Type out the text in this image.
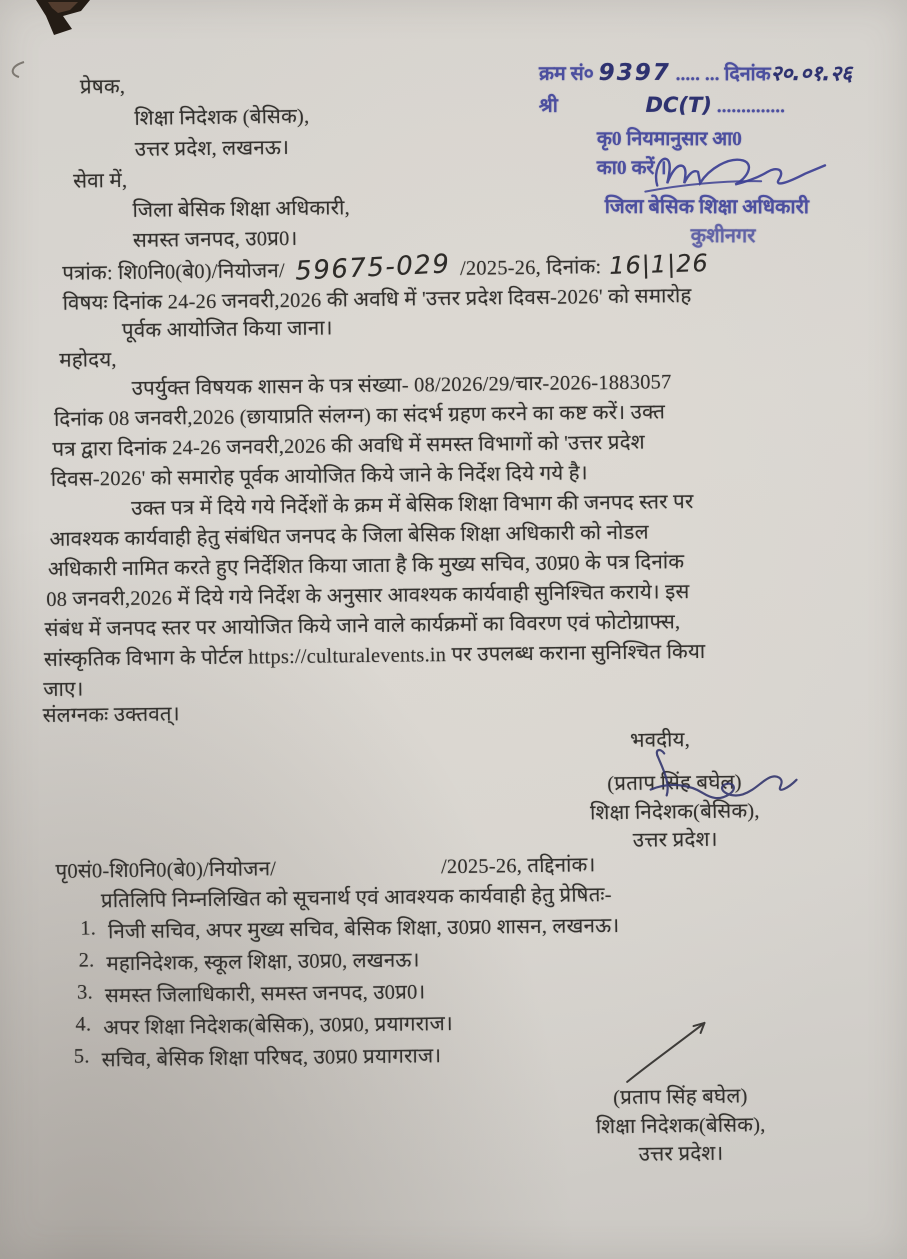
प्रेषक,
शिक्षा निदेशक (बेसिक),
उत्तर प्रदेश, लखनऊ।
सेवा में,
जिला बेसिक शिक्षा अधिकारी,
समस्त जनपद, उ0प्र0।
पत्रांक: शि0नि0(बे0)/नियोजन/ 59675-029 /2025-26, दिनांक: 16|1|26
विषयः दिनांक 24-26 जनवरी,2026 की अवधि में 'उत्तर प्रदेश दिवस-2026' को समारोह
पूर्वक आयोजित किया जाना।
महोदय,
उपर्युक्त विषयक शासन के पत्र संख्या- 08/2026/29/चार-2026-1883057
दिनांक 08 जनवरी,2026 (छायाप्रति संलग्न) का संदर्भ ग्रहण करने का कष्ट करें। उक्त
पत्र द्वारा दिनांक 24-26 जनवरी,2026 की अवधि में समस्त विभागों को 'उत्तर प्रदेश
दिवस-2026' को समारोह पूर्वक आयोजित किये जाने के निर्देश दिये गये है।
उक्त पत्र में दिये गये निर्देशों के क्रम में बेसिक शिक्षा विभाग की जनपद स्तर पर
आवश्यक कार्यवाही हेतु संबंधित जनपद के जिला बेसिक शिक्षा अधिकारी को नोडल
अधिकारी नामित करते हुए निर्देशित किया जाता है कि मुख्य सचिव, उ0प्र0 के पत्र दिनांक
08 जनवरी,2026 में दिये गये निर्देश के अनुसार आवश्यक कार्यवाही सुनिश्चित कराये। इस
संबंध में जनपद स्तर पर आयोजित किये जाने वाले कार्यक्रमों का विवरण एवं फोटोग्राफ्स,
सांस्कृतिक विभाग के पोर्टल https://culturalevents.in पर उपलब्ध कराना सुनिश्चित किया
जाए।
संलग्नकः उक्तवत्।
भवदीय,
(प्रताप सिंह बघेल)
शिक्षा निदेशक(बेसिक),
उत्तर प्रदेश।
पृ0सं0-शि0नि0(बे0)/नियोजन/	/2025-26, तद्दिनांक।
प्रतिलिपि निम्नलिखित को सूचनार्थ एवं आवश्यक कार्यवाही हेतु प्रेषितः-
1. निजी सचिव, अपर मुख्य सचिव, बेसिक शिक्षा, उ0प्र0 शासन, लखनऊ।
2. महानिदेशक, स्कूल शिक्षा, उ0प्र0, लखनऊ।
3. समस्त जिलाधिकारी, समस्त जनपद, उ0प्र0।
4. अपर शिक्षा निदेशक(बेसिक), उ0प्र0, प्रयागराज।
5. सचिव, बेसिक शिक्षा परिषद, उ0प्र0 प्रयागराज।
(प्रताप सिंह बघेल)
शिक्षा निदेशक(बेसिक),
उत्तर प्रदेश।
क्रम सं० 9397 ..... ... दिनांक२०.०१.२६
श्री	DC(T) ..............
कृ0 नियमानुसार आ0
का0 करें ।
जिला बेसिक शिक्षा अधिकारी
कुशीनगर
